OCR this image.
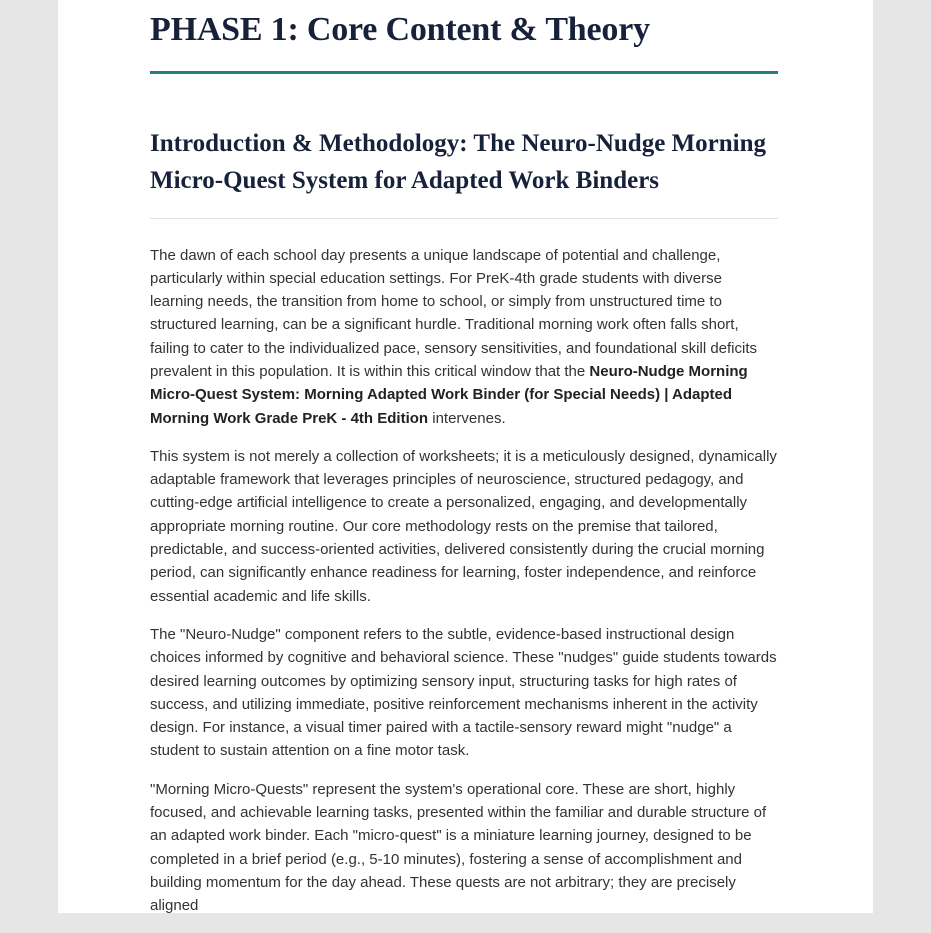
PHASE 1: Core Content & Theory
Introduction & Methodology: The Neuro-Nudge Morning Micro-Quest System for Adapted Work Binders

The dawn of each school day presents a unique landscape of potential and challenge, particularly within special education settings. For PreK-4th grade students with diverse learning needs, the transition from home to school, or simply from unstructured time to structured learning, can be a significant hurdle. Traditional morning work often falls short, failing to cater to the individualized pace, sensory sensitivities, and foundational skill deficits prevalent in this population. It is within this critical window that the Neuro-Nudge Morning Micro-Quest System: Morning Adapted Work Binder (for Special Needs) | Adapted Morning Work Grade PreK - 4th Edition intervenes.

This system is not merely a collection of worksheets; it is a meticulously designed, dynamically adaptable framework that leverages principles of neuroscience, structured pedagogy, and cutting-edge artificial intelligence to create a personalized, engaging, and developmentally appropriate morning routine. Our core methodology rests on the premise that tailored, predictable, and success-oriented activities, delivered consistently during the crucial morning period, can significantly enhance readiness for learning, foster independence, and reinforce essential academic and life skills.

The "Neuro-Nudge" component refers to the subtle, evidence-based instructional design choices informed by cognitive and behavioral science. These "nudges" guide students towards desired learning outcomes by optimizing sensory input, structuring tasks for high rates of success, and utilizing immediate, positive reinforcement mechanisms inherent in the activity design. For instance, a visual timer paired with a tactile-sensory reward might "nudge" a student to sustain attention on a fine motor task.

"Morning Micro-Quests" represent the system's operational core. These are short, highly focused, and achievable learning tasks, presented within the familiar and durable structure of an adapted work binder. Each "micro-quest" is a miniature learning journey, designed to be completed in a brief period (e.g., 5-10 minutes), fostering a sense of accomplishment and building momentum for the day ahead. These quests are not arbitrary; they are precisely aligned
